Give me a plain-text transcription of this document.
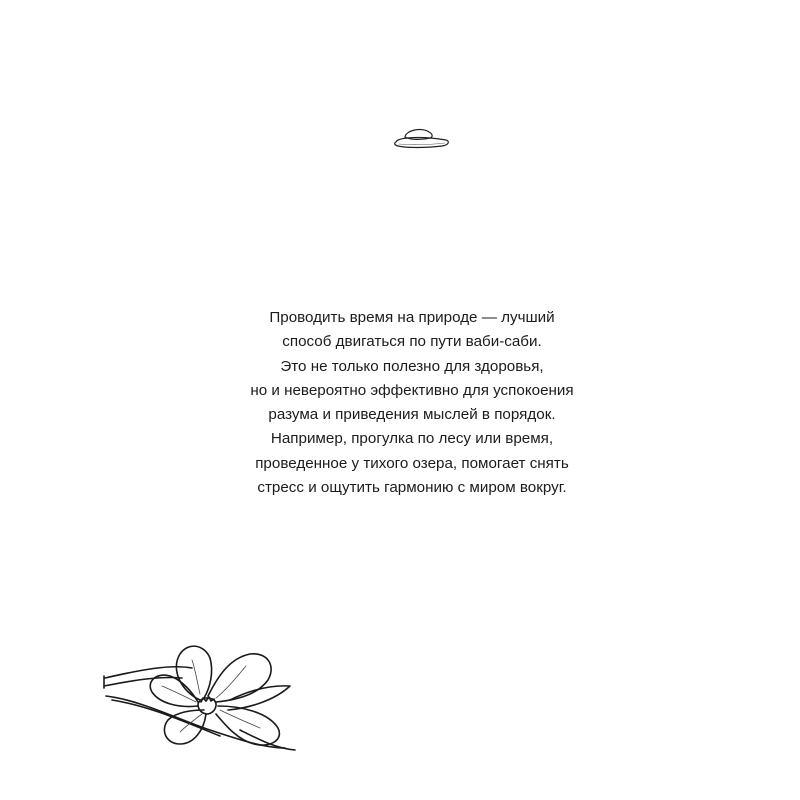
Проводить время на природе — лучший
способ двигаться по пути ваби-саби.
Это не только полезно для здоровья,
но и невероятно эффективно для успокоения
разума и приведения мыслей в порядок.
Например, прогулка по лесу или время,
проведенное у тихого озера, помогает снять
стресс и ощутить гармонию с миром вокруг.
